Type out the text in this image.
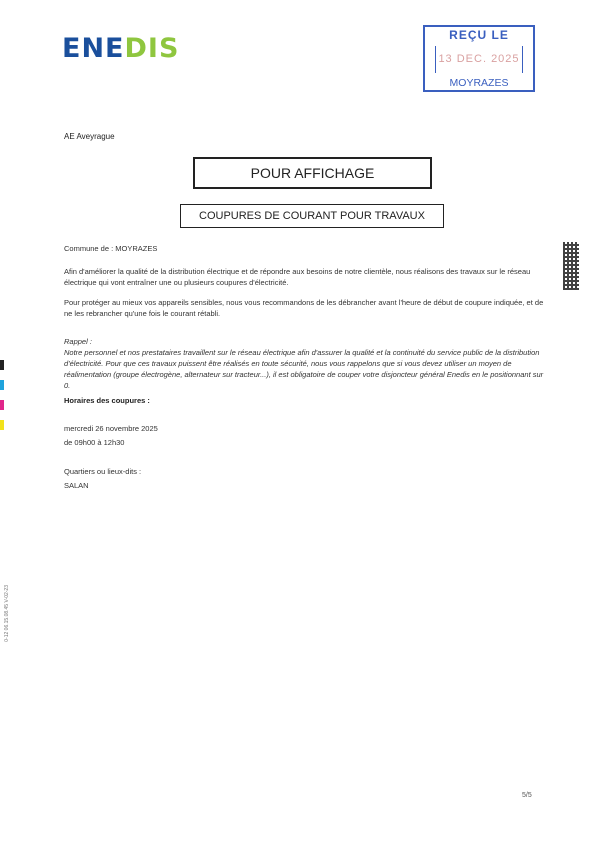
ENEDIS	REÇU LE
13 DEC. 2025
MOYRAZES
AE Aveyrague
POUR AFFICHAGE
COUPURES DE COURANT POUR TRAVAUX
Commune de : MOYRAZES
Afin d'améliorer la qualité de la distribution électrique et de répondre aux besoins de notre clientèle, nous réalisons des travaux sur le réseau électrique qui vont entraîner une ou plusieurs coupures d'électricité.
Pour protéger au mieux vos appareils sensibles, nous vous recommandons de les débrancher avant l'heure de début de coupure indiquée, et de ne les rebrancher qu'une fois le courant rétabli.
Rappel :
Notre personnel et nos prestataires travaillent sur le réseau électrique afin d'assurer la qualité et la continuité du service public de la distribution d'électricité. Pour que ces travaux puissent être réalisés en toute sécurité, nous vous rappelons que si vous devez utiliser un moyen de réalimentation (groupe électrogène, alternateur sur tracteur...), il est obligatoire de couper votre disjoncteur général Enedis en le positionnant sur 0.
Horaires des coupures :
mercredi 26 novembre 2025
de 09h00 à 12h30
Quartiers ou lieux-dits :
SALAN
0-12 06.15.08.45 V-02-23
5/5
